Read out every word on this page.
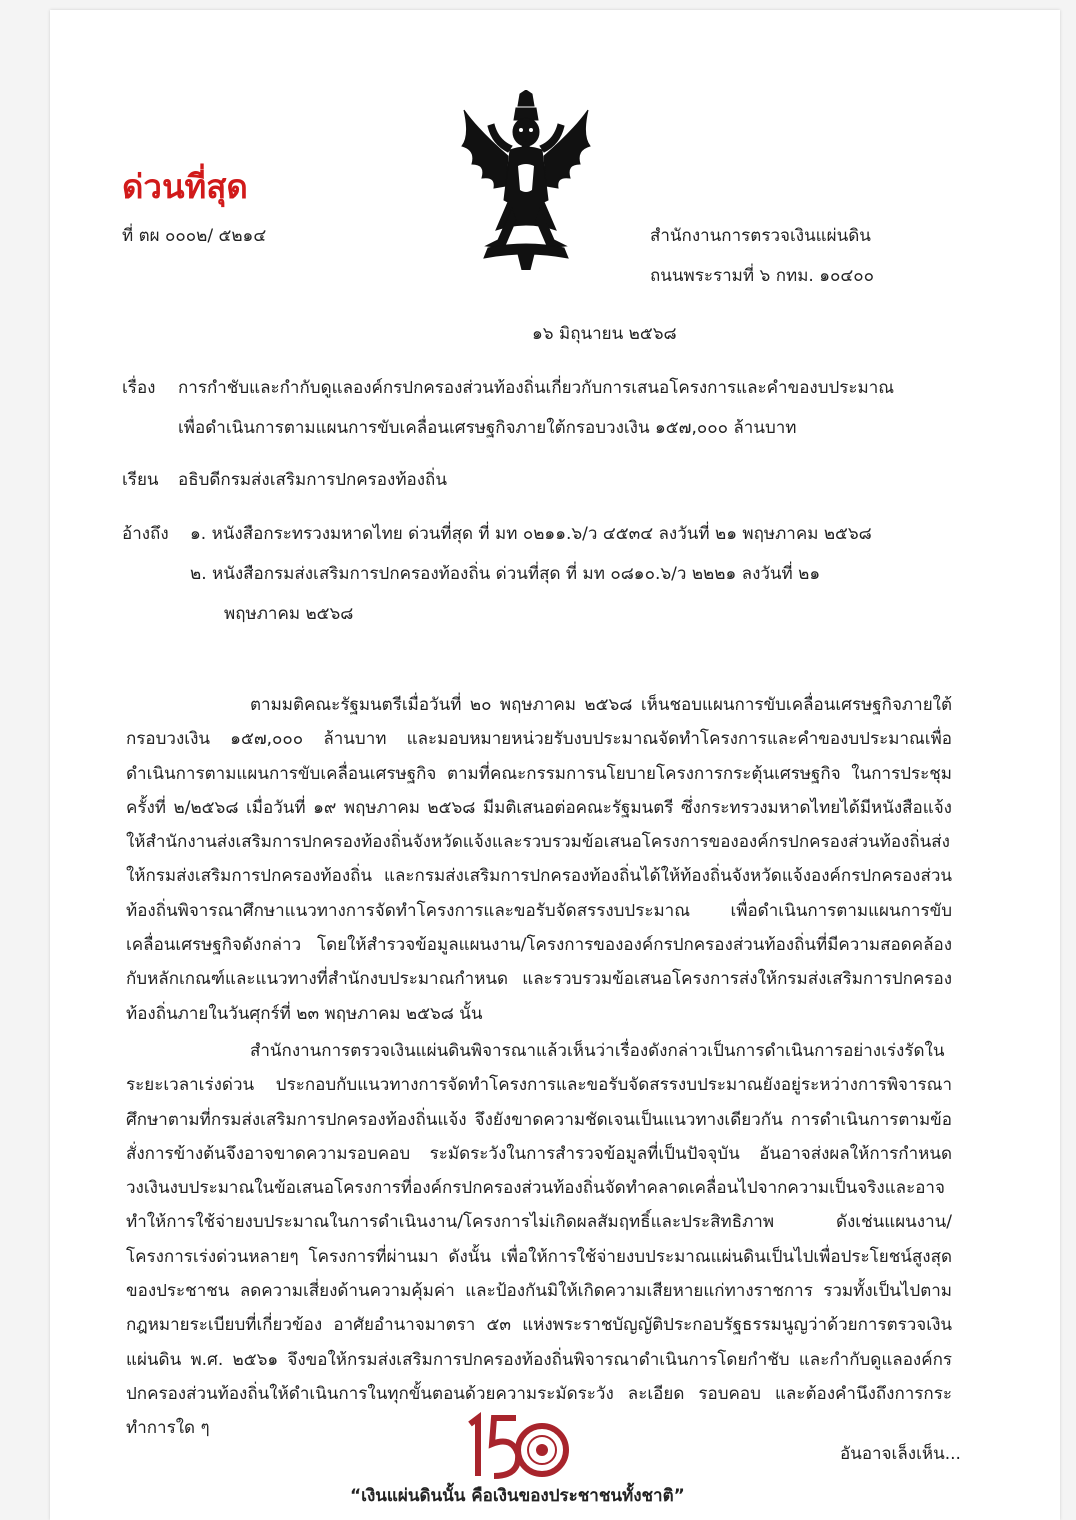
ด่วนที่สุด
ที่ ตผ ๐๐๐๒/ ๕๒๑๔	สำนักงานการตรวจเงินแผ่นดิน
ถนนพระรามที่ ๖ กทม. ๑๐๔๐๐
๑๖ มิถุนายน ๒๕๖๘
เรื่อง การกำชับและกำกับดูแลองค์กรปกครองส่วนท้องถิ่นเกี่ยวกับการเสนอโครงการและคำของบประมาณ
เพื่อดำเนินการตามแผนการขับเคลื่อนเศรษฐกิจภายใต้กรอบวงเงิน ๑๕๗,๐๐๐ ล้านบาท
เรียน อธิบดีกรมส่งเสริมการปกครองท้องถิ่น
อ้างถึง ๑. หนังสือกระทรวงมหาดไทย ด่วนที่สุด ที่ มท ๐๒๑๑.๖/ว ๔๕๓๔ ลงวันที่ ๒๑ พฤษภาคม ๒๕๖๘
๒. หนังสือกรมส่งเสริมการปกครองท้องถิ่น ด่วนที่สุด ที่ มท ๐๘๑๐.๖/ว ๒๒๒๑ ลงวันที่ ๒๑
พฤษภาคม ๒๕๖๘
ตามมติคณะรัฐมนตรีเมื่อวันที่ ๒๐ พฤษภาคม ๒๕๖๘ เห็นชอบแผนการขับเคลื่อนเศรษฐกิจภายใต้กรอบวงเงิน ๑๕๗,๐๐๐ ล้านบาท และมอบหมายหน่วยรับงบประมาณจัดทำโครงการและคำของบประมาณเพื่อดำเนินการตามแผนการขับเคลื่อนเศรษฐกิจ ตามที่คณะกรรมการนโยบายโครงการกระตุ้นเศรษฐกิจ ในการประชุมครั้งที่ ๒/๒๕๖๘ เมื่อวันที่ ๑๙ พฤษภาคม ๒๕๖๘ มีมติเสนอต่อคณะรัฐมนตรี ซึ่งกระทรวงมหาดไทยได้มีหนังสือแจ้งให้สำนักงานส่งเสริมการปกครองท้องถิ่นจังหวัดแจ้งและรวบรวมข้อเสนอโครงการขององค์กรปกครองส่วนท้องถิ่นส่งให้กรมส่งเสริมการปกครองท้องถิ่น และกรมส่งเสริมการปกครองท้องถิ่นได้ให้ท้องถิ่นจังหวัดแจ้งองค์กรปกครองส่วนท้องถิ่นพิจารณาศึกษาแนวทางการจัดทำโครงการและขอรับจัดสรรงบประมาณ เพื่อดำเนินการตามแผนการขับเคลื่อนเศรษฐกิจดังกล่าว โดยให้สำรวจข้อมูลแผนงาน/โครงการขององค์กรปกครองส่วนท้องถิ่นที่มีความสอดคล้องกับหลักเกณฑ์และแนวทางที่สำนักงบประมาณกำหนด และรวบรวมข้อเสนอโครงการส่งให้กรมส่งเสริมการปกครองท้องถิ่นภายในวันศุกร์ที่ ๒๓ พฤษภาคม ๒๕๖๘ นั้น
สำนักงานการตรวจเงินแผ่นดินพิจารณาแล้วเห็นว่าเรื่องดังกล่าวเป็นการดำเนินการอย่างเร่งรัดในระยะเวลาเร่งด่วน ประกอบกับแนวทางการจัดทำโครงการและขอรับจัดสรรงบประมาณยังอยู่ระหว่างการพิจารณาศึกษาตามที่กรมส่งเสริมการปกครองท้องถิ่นแจ้ง จึงยังขาดความชัดเจนเป็นแนวทางเดียวกัน การดำเนินการตามข้อสั่งการข้างต้นจึงอาจขาดความรอบคอบ ระมัดระวังในการสำรวจข้อมูลที่เป็นปัจจุบัน อันอาจส่งผลให้การกำหนดวงเงินงบประมาณในข้อเสนอโครงการที่องค์กรปกครองส่วนท้องถิ่นจัดทำคลาดเคลื่อนไปจากความเป็นจริงและอาจทำให้การใช้จ่ายงบประมาณในการดำเนินงาน/โครงการไม่เกิดผลสัมฤทธิ์และประสิทธิภาพ ดังเช่นแผนงาน/โครงการเร่งด่วนหลายๆ โครงการที่ผ่านมา ดังนั้น เพื่อให้การใช้จ่ายงบประมาณแผ่นดินเป็นไปเพื่อประโยชน์สูงสุดของประชาชน ลดความเสี่ยงด้านความคุ้มค่า และป้องกันมิให้เกิดความเสียหายแก่ทางราชการ รวมทั้งเป็นไปตามกฎหมายระเบียบที่เกี่ยวข้อง อาศัยอำนาจมาตรา ๕๓ แห่งพระราชบัญญัติประกอบรัฐธรรมนูญว่าด้วยการตรวจเงินแผ่นดิน พ.ศ. ๒๕๖๑ จึงขอให้กรมส่งเสริมการปกครองท้องถิ่นพิจารณาดำเนินการโดยกำชับ และกำกับดูแลองค์กรปกครองส่วนท้องถิ่นให้ดำเนินการในทุกขั้นตอนด้วยความระมัดระวัง ละเอียด รอบคอบ และต้องคำนึงถึงการกระทำการใด ๆ
อันอาจเล็งเห็น...
“เงินแผ่นดินนั้น คือเงินของประชาชนทั้งชาติ”
